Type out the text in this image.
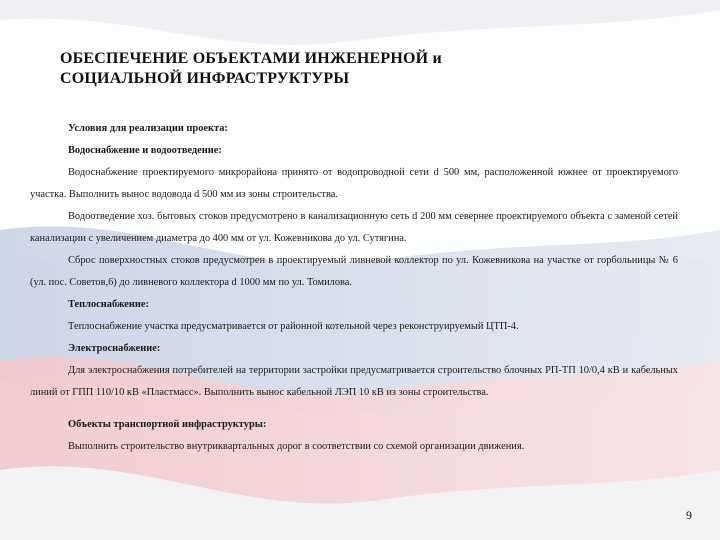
ОБЕСПЕЧЕНИЕ ОБЪЕКТАМИ ИНЖЕНЕРНОЙ и
СОЦИАЛЬНОЙ ИНФРАСТРУКТУРЫ

Условия для реализации проекта:

Водоснабжение и водоотведение:

Водоснабжение проектируемого микрорайона принято от водопроводной сети d 500 мм, расположенной южнее от проектируемого участка. Выполнить вынос водовода d 500 мм из зоны строительства.

Водоотведение хоз. бытовых стоков предусмотрено в канализационную сеть d 200 мм севернее проектируемого объекта с заменой сетей канализации с увеличением диаметра до 400 мм от ул. Кожевникова до ул. Сутягина.

Сброс поверхностных стоков предусмотрен в проектируемый ливневой коллектор по ул. Кожевникова на участке от горбольницы № 6 (ул. пос. Советов,6) до ливневого коллектора d 1000 мм по ул. Томилова.

Теплоснабжение:

Теплоснабжение участка предусматривается от районной котельной через реконструируемый ЦТП-4.

Электроснабжение:

Для электроснабжения потребителей на территории застройки предусматривается строительство блочных РП-ТП 10/0,4 кВ и кабельных линий от ГПП 110/10 кВ «Пластмасс». Выполнить вынос кабельной ЛЭП 10 кВ из зоны строительства.

Объекты транспортной инфраструктуры:

Выполнить строительство внутриквартальных дорог в соответствии со схемой организации движения.

9
